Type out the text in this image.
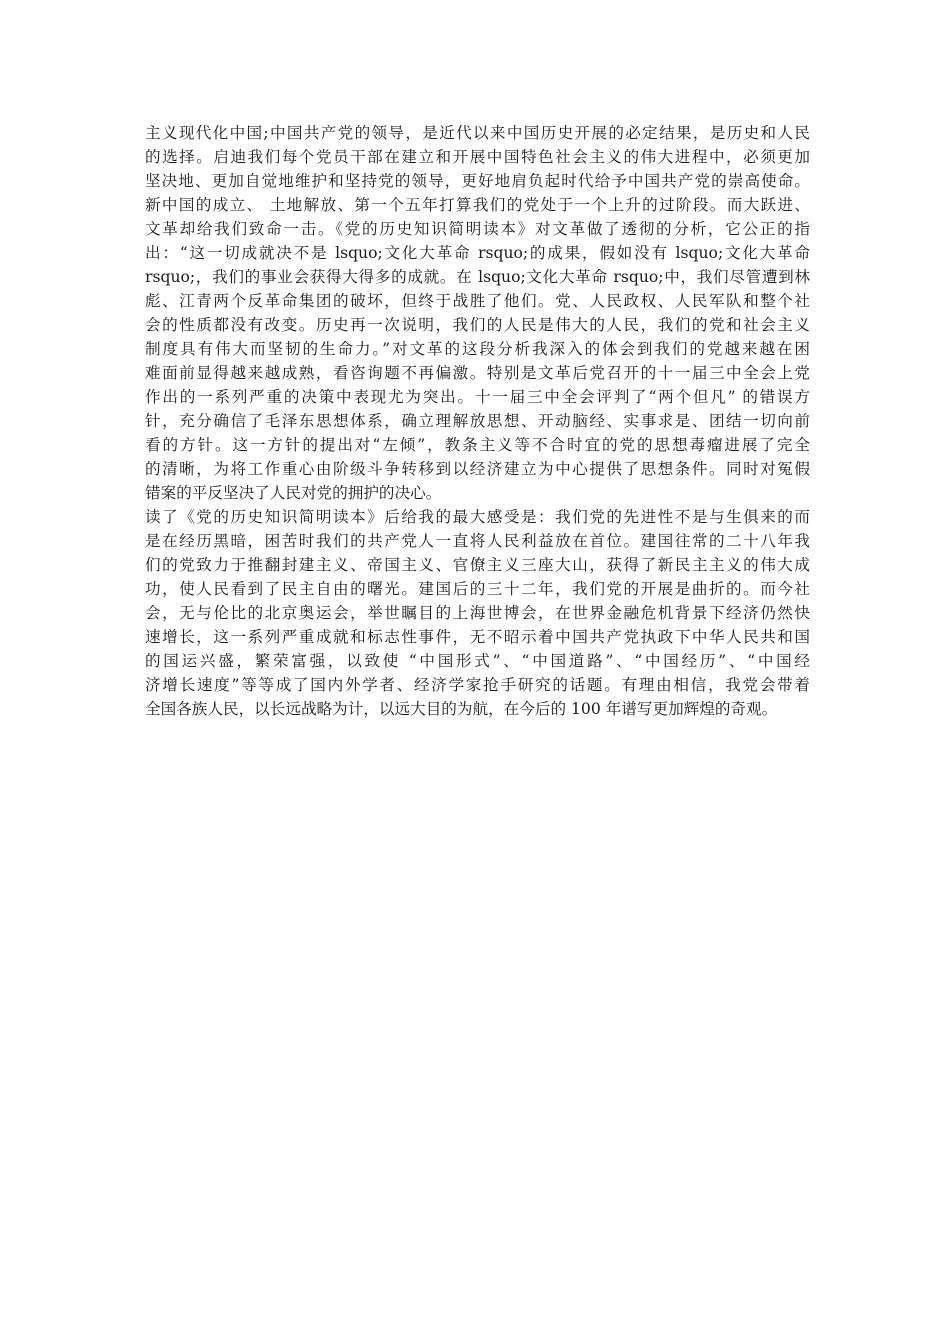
主义现代化中国;中国共产党的领导，是近代以来中国历史开展的必定结果，是历史和人民
的选择。启迪我们每个党员干部在建立和开展中国特色社会主义的伟大进程中，必须更加
坚决地、更加自觉地维护和坚持党的领导，更好地肩负起时代给予中国共产党的崇高使命。
新中国的成立、 土地解放、第一个五年打算我们的党处于一个上升的过阶段。而大跃进、
文革却给我们致命一击。《党的历史知识简明读本》对文革做了透彻的分析，它公正的指
出：“这一切成就决不是 lsquo;文化大革命 rsquo;的成果，假如没有 lsquo;文化大革命
rsquo;，我们的事业会获得大得多的成就。在 lsquo;文化大革命 rsquo;中，我们尽管遭到林
彪、江青两个反革命集团的破坏，但终于战胜了他们。党、人民政权、人民军队和整个社
会的性质都没有改变。历史再一次说明，我们的人民是伟大的人民，我们的党和社会主义
制度具有伟大而坚韧的生命力。”对文革的这段分析我深入的体会到我们的党越来越在困
难面前显得越来越成熟，看咨询题不再偏激。特别是文革后党召开的十一届三中全会上党
作出的一系列严重的决策中表现尤为突出。十一届三中全会评判了“两个但凡” 的错误方
针，充分确信了毛泽东思想体系，确立理解放思想、开动脑经、实事求是、团结一切向前
看的方针。这一方针的提出对“左倾”，教条主义等不合时宜的党的思想毒瘤进展了完全
的清晰，为将工作重心由阶级斗争转移到以经济建立为中心提供了思想条件。同时对冤假
错案的平反坚决了人民对党的拥护的决心。
读了《党的历史知识简明读本》后给我的最大感受是：我们党的先进性不是与生俱来的而
是在经历黑暗，困苦时我们的共产党人一直将人民利益放在首位。建国往常的二十八年我
们的党致力于推翻封建主义、帝国主义、官僚主义三座大山，获得了新民主主义的伟大成
功，使人民看到了民主自由的曙光。建国后的三十二年，我们党的开展是曲折的。而今社
会，无与伦比的北京奥运会，举世瞩目的上海世博会，在世界金融危机背景下经济仍然快
速增长，这一系列严重成就和标志性事件，无不昭示着中国共产党执政下中华人民共和国
的国运兴盛，繁荣富强，以致使 “中国形式”、“中国道路”、“中国经历”、“中国经
济增长速度”等等成了国内外学者、经济学家抢手研究的话题。有理由相信，我党会带着
全国各族人民，以长远战略为计，以远大目的为航，在今后的 100 年谱写更加辉煌的奇观。
